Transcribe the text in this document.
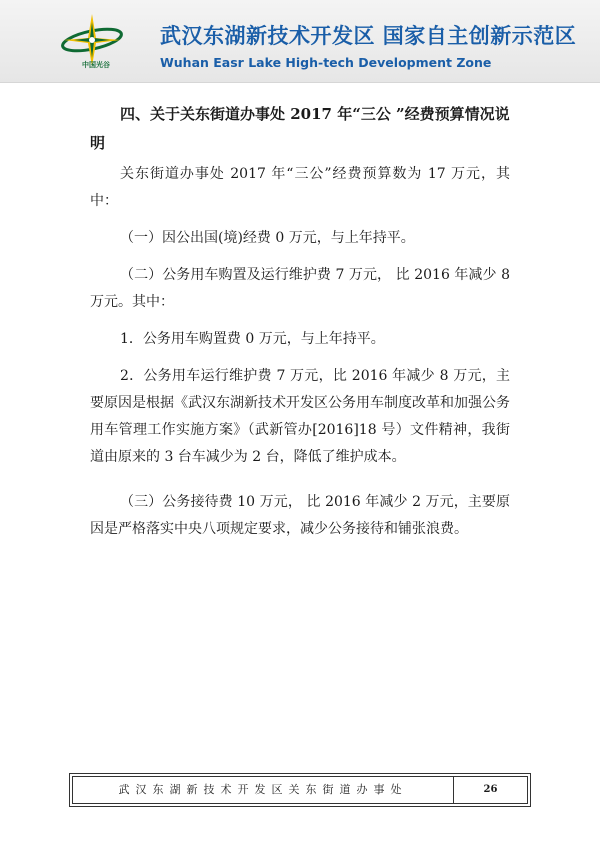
中国光谷
武汉东湖新技术开发区 国家自主创新示范区
Wuhan Easr Lake High-tech Development Zone

四、关于关东街道办事处 2017 年“三公 ”经费预算情况说明

关东街道办事处 2017 年“三公”经费预算数为 17 万元，其中：

（一）因公出国(境)经费 0 万元，与上年持平。

（二）公务用车购置及运行维护费 7 万元， 比 2016 年减少 8 万元。其中：

1．公务用车购置费 0 万元，与上年持平。

2．公务用车运行维护费 7 万元，比 2016 年减少 8 万元，主要原因是根据《武汉东湖新技术开发区公务用车制度改革和加强公务用车管理工作实施方案》（武新管办[2016]18 号）文件精神，我街道由原来的 3 台车减少为 2 台，降低了维护成本。

（三）公务接待费 10 万元， 比 2016 年减少 2 万元，主要原因是严格落实中央八项规定要求，减少公务接待和铺张浪费。

武汉东湖新技术开发区关东街道办事处	26
